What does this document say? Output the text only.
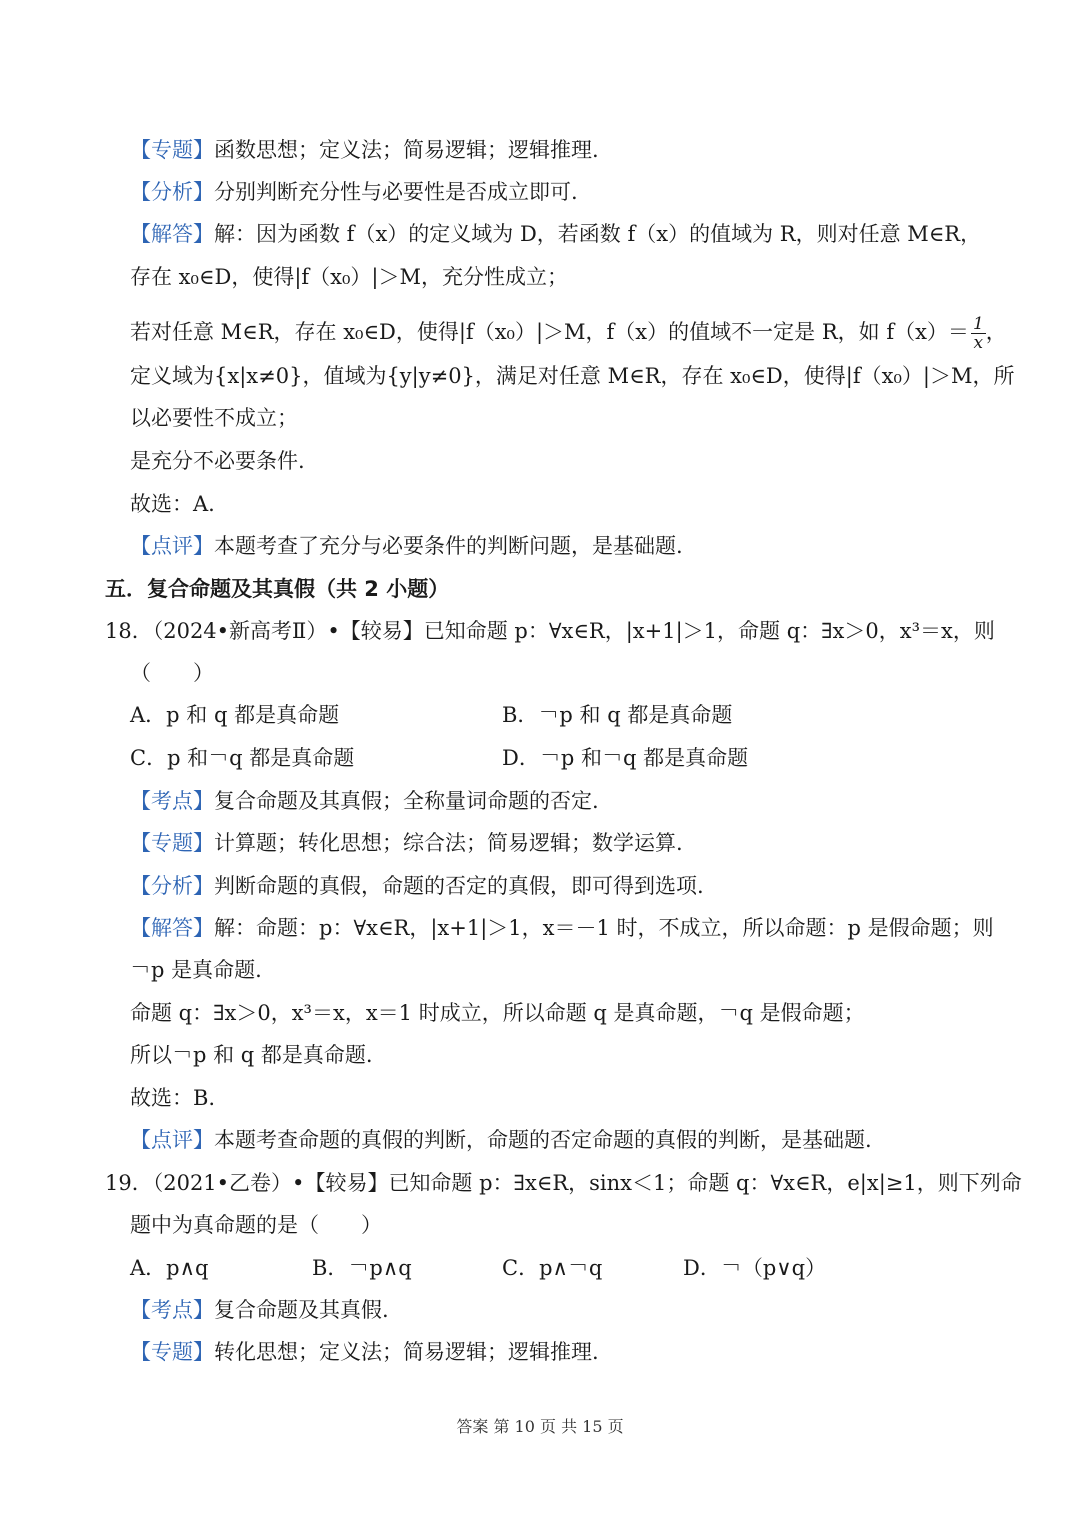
【专题】函数思想；定义法；简易逻辑；逻辑推理.
【分析】分别判断充分性与必要性是否成立即可.
【解答】解：因为函数 f（x）的定义域为 D，若函数 f（x）的值域为 R，则对任意 M∈R，
存在 x₀∈D，使得|f（x₀）|＞M，充分性成立；
若对任意 M∈R，存在 x₀∈D，使得|f（x₀）|＞M，f（x）的值域不一定是 R，如 $f(x)= \frac{1}{x}$ ，
定义域为{x|x≠0}，值域为{y|y≠0}，满足对任意 M∈R，存在 x₀∈D，使得|f（x₀）|＞M，所
以必要性不成立；
是充分不必要条件.
故选：A.
【点评】本题考查了充分与必要条件的判断问题，是基础题.
五．复合命题及其真假（共 2 小题）
18．（2024•新高考Ⅱ）•【较易】已知命题 p：∀x∈R，|x+1|＞1，命题 q：∃x＞0，x³＝x，则
（　　）
A．p 和 q 都是真命题	B．￢p 和 q 都是真命题
C．p 和￢q 都是真命题	D．￢p 和￢q 都是真命题
【考点】复合命题及其真假；全称量词命题的否定.
【专题】计算题；转化思想；综合法；简易逻辑；数学运算.
【分析】判断命题的真假，命题的否定的真假，即可得到选项.
【解答】解：命题：p：∀x∈R，|x+1|＞1，x＝－1 时，不成立，所以命题：p 是假命题；则
￢p 是真命题.
命题 q：∃x＞0，x³＝x，x＝1 时成立，所以命题 q 是真命题，￢q 是假命题；
所以￢p 和 q 都是真命题.
故选：B.
【点评】本题考查命题的真假的判断，命题的否定命题的真假的判断，是基础题.
19．（2021•乙卷）•【较易】已知命题 p：∃x∈R，sinx＜1；命题 q：∀x∈R，e|x|≥1，则下列命
题中为真命题的是（　　）
A．p∧q	B．￢p∧q	C．p∧￢q	D．￢（p∨q）
【考点】复合命题及其真假.
【专题】转化思想；定义法；简易逻辑；逻辑推理.
答案 第 10 页 共 15 页
